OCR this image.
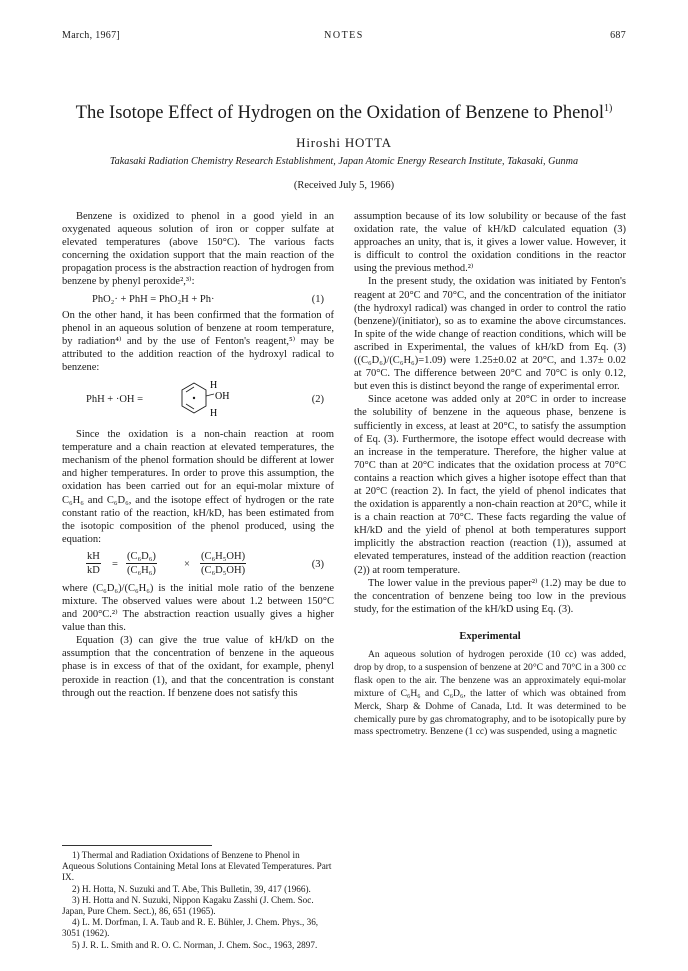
March, 1967]	NOTES	687
The Isotope Effect of Hydrogen on the Oxidation of Benzene to Phenol$^{1)}$
Hiroshi HOTTA
Takasaki Radiation Chemistry Research Establishment, Japan Atomic Energy Research Institute, Takasaki, Gunma
(Received July 5, 1966)

Benzene is oxidized to phenol in a good yield in an oxygenated aqueous solution of iron or copper sulfate at elevated temperatures (above 150°C). The various facts concerning the oxidation support that the main reaction of the propagation process is the abstraction reaction of hydrogen from benzene by phenyl peroxide²,³⁾:

PhO₂· + PhH = PhO₂H + Ph·	(1)

On the other hand, it has been confirmed that the formation of phenol in an aqueous solution of benzene at room temperature, by radiation⁴⁾ and by the use of Fenton's reagent,⁵⁾ may be attributed to the addition reaction of the hydroxyl radical to benzene:

PhH + ·OH =
H
OH
H
(2)

Since the oxidation is a non-chain reaction at room temperature and a chain reaction at elevated temperatures, the mechanism of the phenol formation should be different at lower and higher temperatures. In order to prove this assumption, the oxidation has been carried out for an equi-molar mixture of C₆H₆ and C₆D₆, and the isotope effect of hydrogen or the rate constant ratio of the reaction, kH/kD, has been estimated from the isotopic composition of the phenol produced, using the equation:

$\frac{kH}{kD} = \frac{\text{(C₆D₆)}}{\text{(C₆H₆)}}$	× $\frac{\text{(C₆H₅OH)}}{\text{(C₆D₅OH)}}$	(3)

where (C₆D₆)/(C₆H₆) is the initial mole ratio of the benzene mixture. The observed values were about 1.2 between 150°C and 200°C.²⁾ The abstraction reaction usually gives a higher value than this.

Equation (3) can give the true value of kH/kD on the assumption that the concentration of benzene in the aqueous phase is in excess of that of the oxidant, for example, phenyl peroxide in reaction (1), and that the concentration is constant through out the reaction. If benzene does not satisfy this

assumption because of its low solubility or because of the fast oxidation rate, the value of kH/kD calculated equation (3) approaches an unity, that is, it gives a lower value. However, it is difficult to control the oxidation conditions in the reactor using the previous method.²⁾

In the present study, the oxidation was initiated by Fenton's reagent at 20°C and 70°C, and the concentration of the initiator (the hydroxyl radical) was changed in order to control the ratio (benzene)/(initiator), so as to examine the above circumstances. In spite of the wide change of reaction conditions, which will be ascribed in Experimental, the values of kH/kD from Eq. (3) ((C₆D₆)/(C₆H₆)=1.09) were 1.25±0.02 at 20°C, and 1.37± 0.02 at 70°C. The difference between 20°C and 70°C is only 0.12, but even this is distinct beyond the range of experimental error.

Since acetone was added only at 20°C in order to increase the solubility of benzene in the aqueous phase, benzene is sufficiently in excess, at least at 20°C, to satisfy the assumption of Eq. (3). Furthermore, the isotope effect would decrease with an increase in the temperature. Therefore, the higher value at 70°C than at 20°C indicates that the oxidation process at 70°C contains a reaction which gives a higher isotope effect than that at 20°C (reaction 2). In fact, the yield of phenol indicates that the oxidation is apparently a non-chain reaction at 20°C, while it is a chain reaction at 70°C. These facts regarding the value of kH/kD and the yield of phenol at both temperatures support implicitly the abstraction reaction (reaction (1)), assumed at elevated temperatures, instead of the addition reaction (reaction (2)) at room temperature.

The lower value in the previous paper²⁾ (1.2) may be due to the concentration of benzene being too low in the previous study, for the estimation of the kH/kD using Eq. (3).

Experimental

An aqueous solution of hydrogen peroxide (10 cc) was added, drop by drop, to a suspension of benzene at 20°C and 70°C in a 300 cc flask open to the air. The benzene was an approximately equi-molar mixture of C₆H₆ and C₆D₆, the latter of which was obtained from Merck, Sharp & Dohme of Canada, Ltd. It was determined to be chemically pure by gas chromatography, and to be isotopically pure by mass spectrometry. Benzene (1 cc) was suspended, using a magnetic

1) Thermal and Radiation Oxidations of Benzene to Phenol in Aqueous Solutions Containing Metal Ions at Elevated Temperatures. Part IX.

2) H. Hotta, N. Suzuki and T. Abe, This Bulletin, 39, 417 (1966).

3) H. Hotta and N. Suzuki, Nippon Kagaku Zasshi (J. Chem. Soc. Japan, Pure Chem. Sect.), 86, 651 (1965).

4) L. M. Dorfman, I. A. Taub and R. E. Bühler, J. Chem. Phys., 36, 3051 (1962).

5) J. R. L. Smith and R. O. C. Norman, J. Chem. Soc., 1963, 2897.
